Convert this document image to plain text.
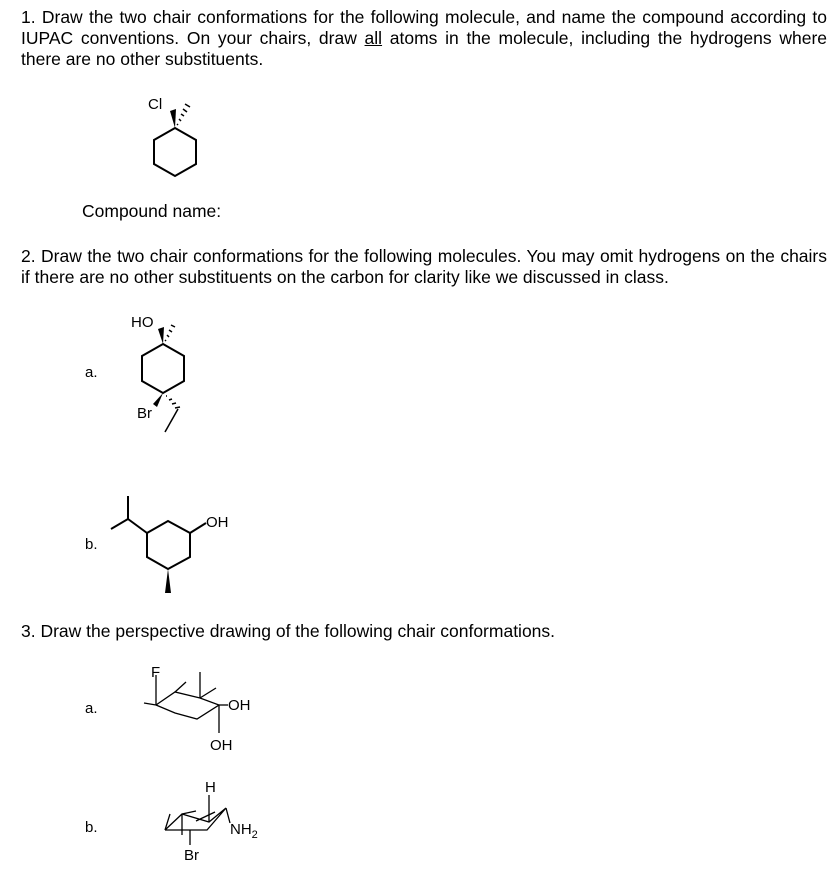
1. Draw the two chair conformations for the following molecule, and name the compound according to IUPAC conventions. On your chairs, draw all atoms in the molecule, including the hydrogens where there are no other substituents.

Cl
HO
Br
OH
F
OH
OH
H
$NH_2$
Br

Compound name:

2. Draw the two chair conformations for the following molecules. You may omit hydrogens on the chairs if there are no other substituents on the carbon for clarity like we discussed in class.

a.
b.

3. Draw the perspective drawing of the following chair conformations.

a.
b.
